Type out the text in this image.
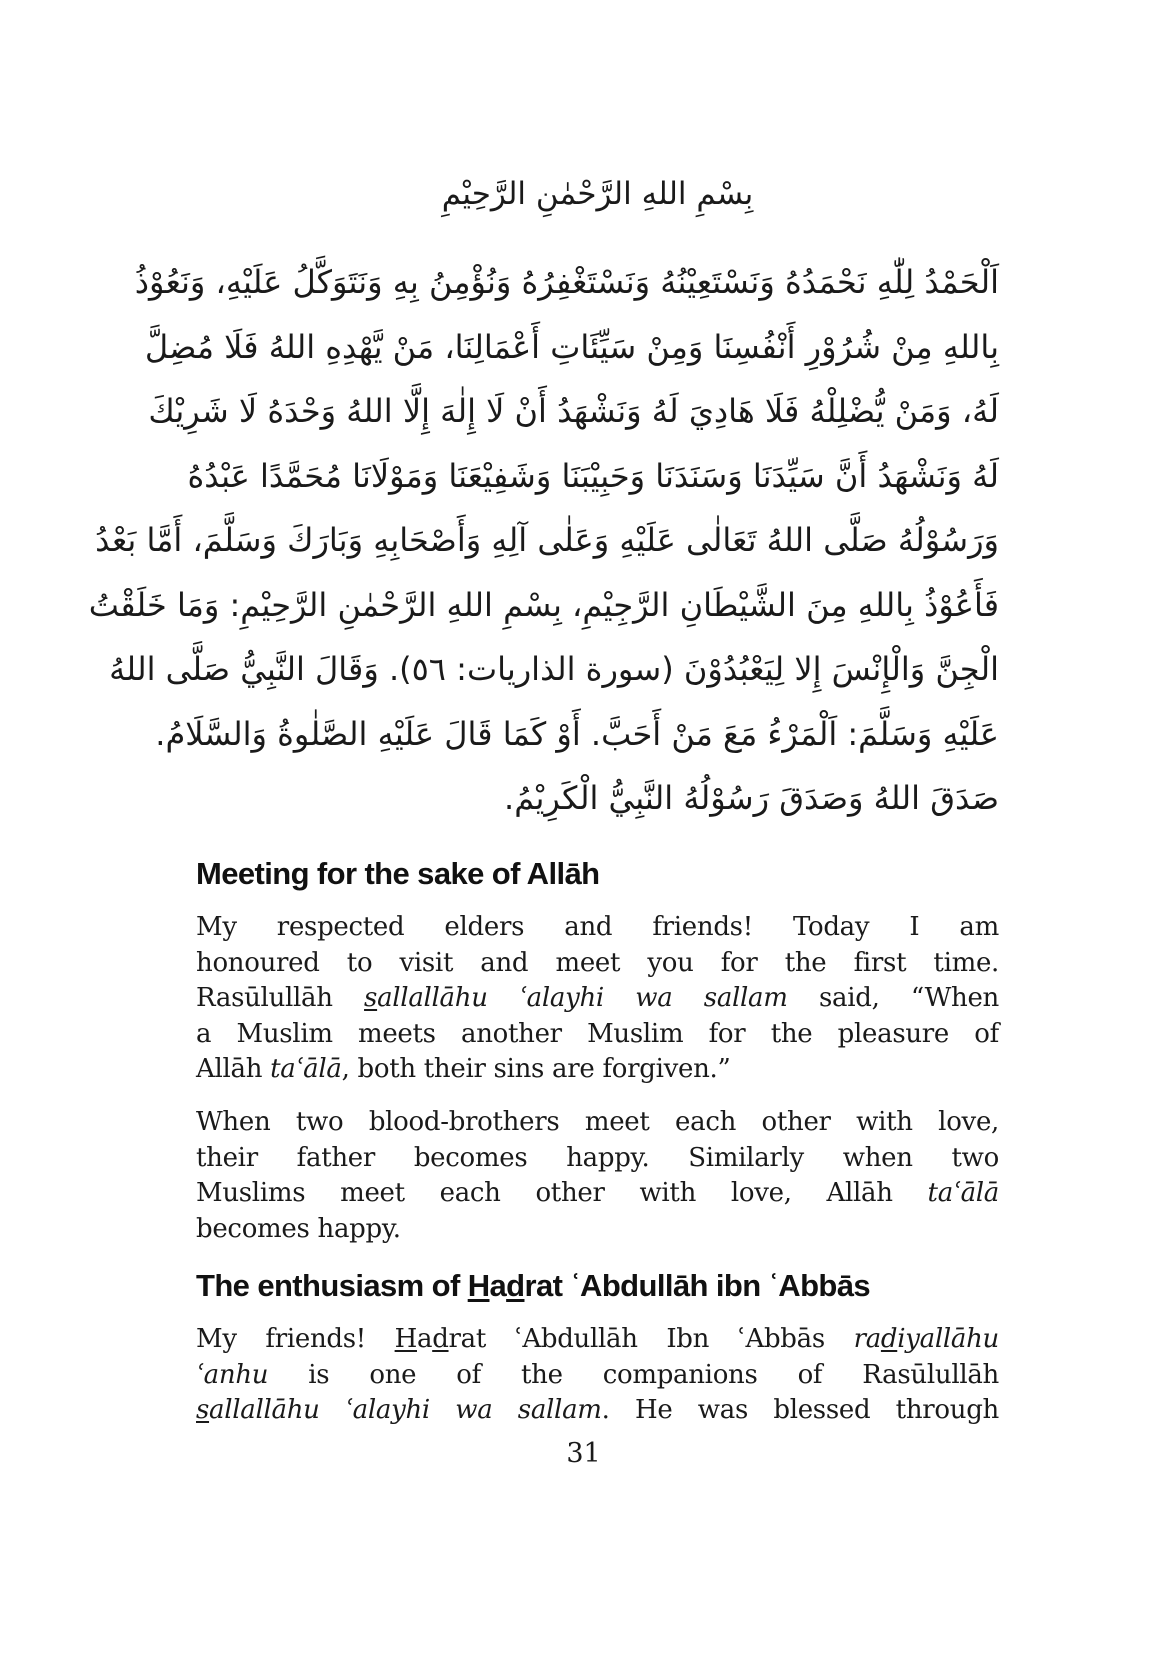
بِسْمِ اللهِ الرَّحْمٰنِ الرَّحِيْمِ
اَلْحَمْدُ لِلّٰهِ نَحْمَدُهُ وَنَسْتَعِيْنُهُ وَنَسْتَغْفِرُهُ وَنُؤْمِنُ بِهِ وَنَتَوَكَّلُ عَلَيْهِ، وَنَعُوْذُ
بِاللهِ مِنْ شُرُوْرِ أَنْفُسِنَا وَمِنْ سَيِّئَاتِ أَعْمَالِنَا، مَنْ يَّهْدِهِ اللهُ فَلَا مُضِلَّ
لَهُ، وَمَنْ يُّضْلِلْهُ فَلَا هَادِيَ لَهُ وَنَشْهَدُ أَنْ لَا إِلٰهَ إِلَّا اللهُ وَحْدَهُ لَا شَرِيْكَ
لَهُ وَنَشْهَدُ أَنَّ سَيِّدَنَا وَسَنَدَنَا وَحَبِيْبَنَا وَشَفِيْعَنَا وَمَوْلَانَا مُحَمَّدًا عَبْدُهُ
وَرَسُوْلُهُ صَلَّى اللهُ تَعَالٰى عَلَيْهِ وَعَلٰى آلِهِ وَأَصْحَابِهِ وَبَارَكَ وَسَلَّمَ، أَمَّا بَعْدُ
فَأَعُوْذُ بِاللهِ مِنَ الشَّيْطَانِ الرَّجِيْمِ، بِسْمِ اللهِ الرَّحْمٰنِ الرَّحِيْمِ: وَمَا خَلَقْتُ
الْجِنَّ وَالْإِنْسَ إِلا لِيَعْبُدُوْنَ (سورة الذاريات: ٥٦). وَقَالَ النَّبِيُّ صَلَّى اللهُ
عَلَيْهِ وَسَلَّمَ: اَلْمَرْءُ مَعَ مَنْ أَحَبَّ. أَوْ كَمَا قَالَ عَلَيْهِ الصَّلٰوةُ وَالسَّلَامُ.
صَدَقَ اللهُ وَصَدَقَ رَسُوْلُهُ النَّبِيُّ الْكَرِيْمُ.
Meeting for the sake of Allāh
My respected elders and friends! Today I am
honoured to visit and meet you for the first time.
Rasūlullāh sallallāhu ʿalayhi wa sallam said, “When
a Muslim meets another Muslim for the pleasure of
Allāh taʿālā, both their sins are forgiven.”
When two blood-brothers meet each other with love,
their father becomes happy. Similarly when two
Muslims meet each other with love, Allāh taʿālā
becomes happy.
The enthusiasm of Hadrat ʿAbdullāh ibn ʿAbbās
My friends! Hadrat ʿAbdullāh Ibn ʿAbbās radiyallāhu
ʿanhu is one of the companions of Rasūlullāh
sallallāhu ʿalayhi wa sallam. He was blessed through
31
